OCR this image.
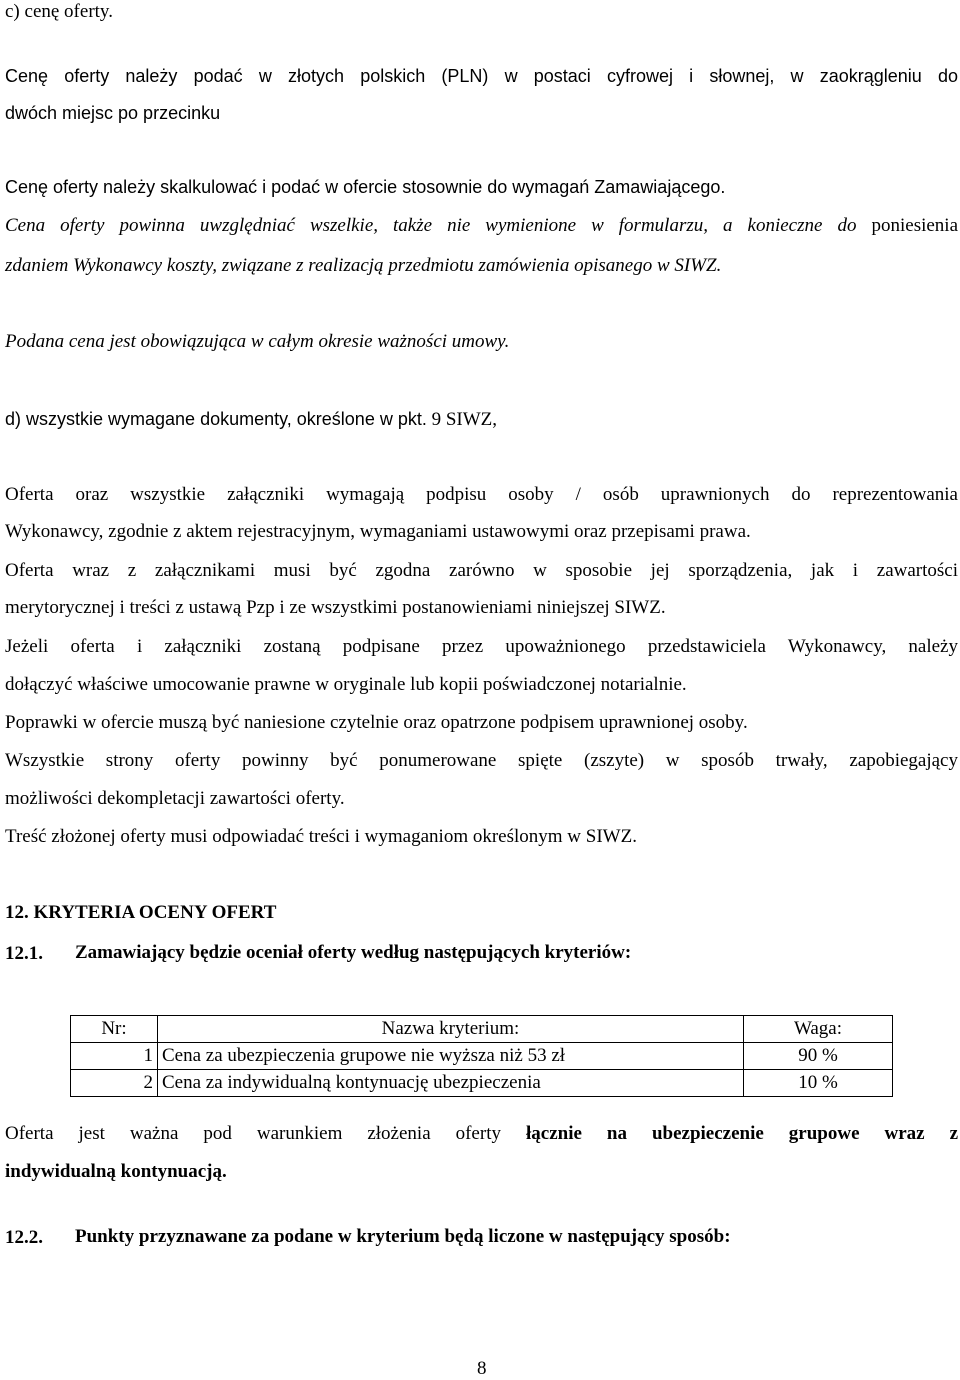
c) cenę oferty.
Cenę oferty należy podać w złotych polskich (PLN) w postaci cyfrowej i słownej, w zaokrągleniu do
dwóch miejsc po przecinku
Cenę oferty należy skalkulować i podać w ofercie stosownie do wymagań Zamawiającego.
Cena oferty powinna uwzględniać wszelkie, także nie wymienione w formularzu, a konieczne do poniesienia
zdaniem Wykonawcy koszty, związane z realizacją przedmiotu zamówienia opisanego w SIWZ.
Podana cena jest obowiązująca w całym okresie ważności umowy.
d) wszystkie wymagane dokumenty, określone w pkt. 9 SIWZ,
Oferta oraz wszystkie załączniki wymagają podpisu osoby / osób uprawnionych do reprezentowania
Wykonawcy, zgodnie z aktem rejestracyjnym, wymaganiami ustawowymi oraz przepisami prawa.
Oferta wraz z załącznikami musi być zgodna zarówno w sposobie jej sporządzenia, jak i zawartości
merytorycznej i treści z ustawą Pzp i ze wszystkimi postanowieniami niniejszej SIWZ.
Jeżeli oferta i załączniki zostaną podpisane przez upoważnionego przedstawiciela Wykonawcy, należy
dołączyć właściwe umocowanie prawne w oryginale lub kopii poświadczonej notarialnie.
Poprawki w ofercie muszą być naniesione czytelnie oraz opatrzone podpisem uprawnionej osoby.
Wszystkie strony oferty powinny być ponumerowane spięte (zszyte) w sposób trwały, zapobiegający
możliwości dekompletacji zawartości oferty.
Treść złożonej oferty musi odpowiadać treści i wymaganiom określonym w SIWZ.
12. KRYTERIA OCENY OFERT
12.1. Zamawiający będzie oceniał oferty według następujących kryteriów:
Nr:	Nazwa kryterium:	Waga:
1	Cena za ubezpieczenia grupowe nie wyższa niż 53 zł	90 %
2	Cena za indywidualną kontynuację ubezpieczenia	10 %
Oferta jest ważna pod warunkiem złożenia oferty łącznie na ubezpieczenie grupowe wraz z
indywidualną kontynuacją.
12.2. Punkty przyznawane za podane w kryterium będą liczone w następujący sposób:
8
